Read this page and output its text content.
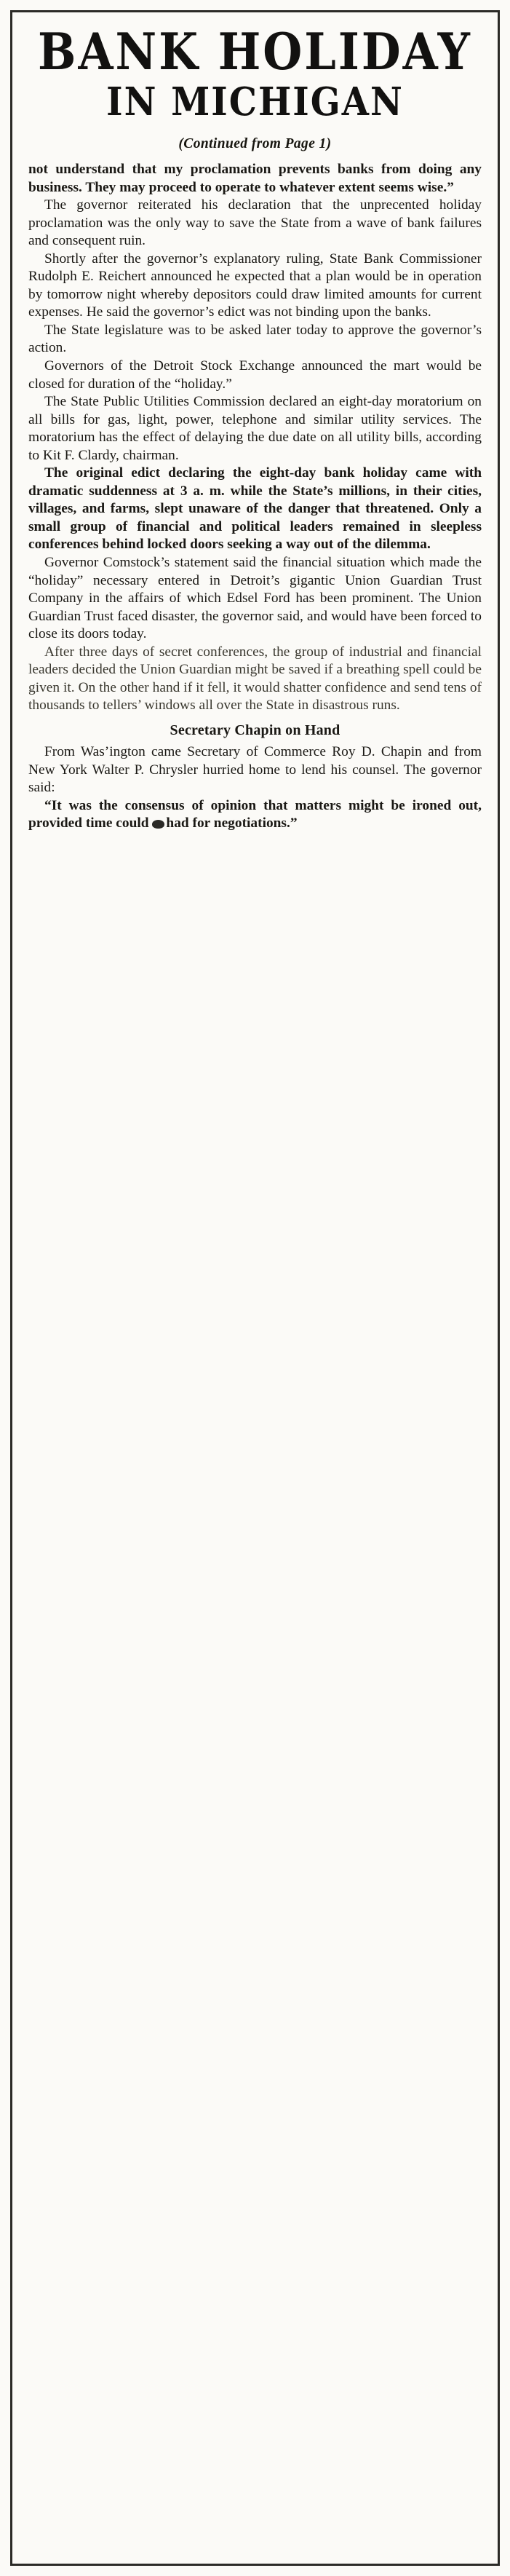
BANK HOLIDAY
IN MICHIGAN
(Continued from Page 1)

not understand that my proclamation prevents banks from doing any business. They may proceed to operate to whatever extent seems wise.”

The governor reiterated his declaration that the unprecented holiday proclamation was the only way to save the State from a wave of bank failures and consequent ruin.

Shortly after the governor’s explanatory ruling, State Bank Commissioner Rudolph E. Reichert announced he expected that a plan would be in operation by tomorrow night whereby depositors could draw limited amounts for current expenses. He said the governor’s edict was not binding upon the banks.

The State legislature was to be asked later today to approve the governor’s action.

Governors of the Detroit Stock Exchange announced the mart would be closed for duration of the “holiday.”

The State Public Utilities Commission declared an eight-day moratorium on all bills for gas, light, power, telephone and similar utility services. The moratorium has the effect of delaying the due date on all utility bills, according to Kit F. Clardy, chairman.

The original edict declaring the eight-day bank holiday came with dramatic suddenness at 3 a. m. while the State’s millions, in their cities, villages, and farms, slept unaware of the danger that threatened. Only a small group of financial and political leaders remained in sleepless conferences behind locked doors seeking a way out of the dilemma.

Governor Comstock’s statement said the financial situation which made the “holiday” necessary entered in Detroit’s gigantic Union Guardian Trust Company in the affairs of which Edsel Ford has been prominent. The Union Guardian Trust faced disaster, the governor said, and would have been forced to close its doors today.

After three days of secret conferences, the group of industrial and financial leaders decided the Union Guardian might be saved if a breathing spell could be given it. On the other hand if it fell, it would shatter confidence and send tens of thousands to tellers’ windows all over the State in disastrous runs.

Secretary Chapin on Hand

From Was’ington came Secretary of Commerce Roy D. Chapin and from New York Walter P. Chrysler hurried home to lend his counsel. The governor said:

“It was the consensus of opinion that matters might be ironed out, provided time could had for negotiations.”
